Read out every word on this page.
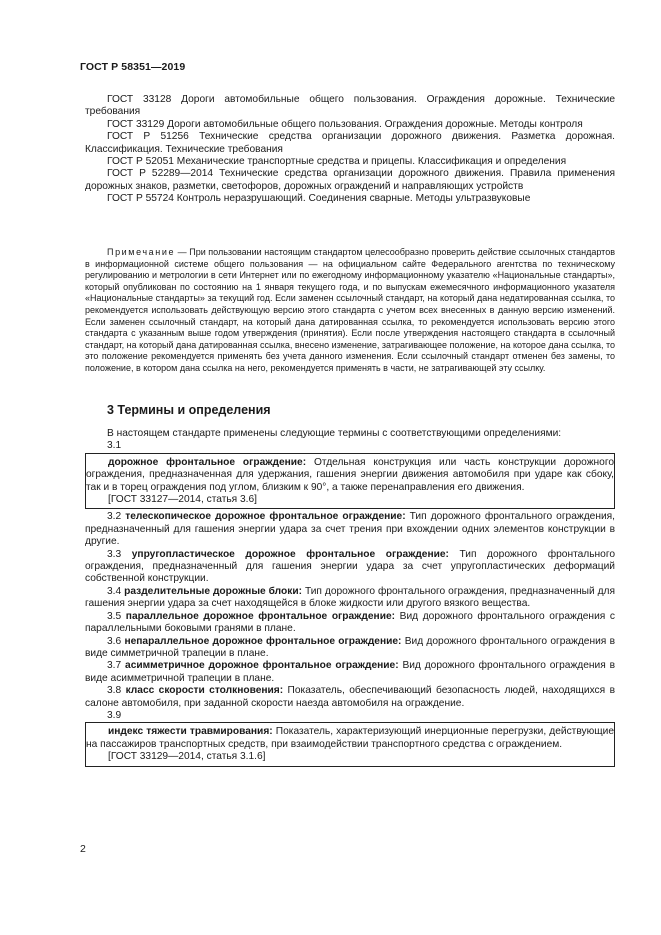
ГОСТ Р 58351—2019

ГОСТ 33128 Дороги автомобильные общего пользования. Ограждения дорожные. Технические требования

ГОСТ 33129 Дороги автомобильные общего пользования. Ограждения дорожные. Методы контроля

ГОСТ Р 51256 Технические средства организации дорожного движения. Разметка дорожная. Классификация. Технические требования

ГОСТ Р 52051 Механические транспортные средства и прицепы. Классификация и определения

ГОСТ Р 52289—2014 Технические средства организации дорожного движения. Правила применения дорожных знаков, разметки, светофоров, дорожных ограждений и направляющих устройств

ГОСТ Р 55724 Контроль неразрушающий. Соединения сварные. Методы ультразвуковые

Примечание — При пользовании настоящим стандартом целесообразно проверить действие ссылочных стандартов в информационной системе общего пользования — на официальном сайте Федерального агентства по техническому регулированию и метрологии в сети Интернет или по ежегодному информационному указателю «Национальные стандарты», который опубликован по состоянию на 1 января текущего года, и по выпускам ежемесячного информационного указателя «Национальные стандарты» за текущий год. Если заменен ссылочный стандарт, на который дана недатированная ссылка, то рекомендуется использовать действующую версию этого стандарта с учетом всех внесенных в данную версию изменений. Если заменен ссылочный стандарт, на который дана датированная ссылка, то рекомендуется использовать версию этого стандарта с указанным выше годом утверждения (принятия). Если после утверждения настоящего стандарта в ссылочный стандарт, на который дана датированная ссылка, внесено изменение, затрагивающее положение, на которое дана ссылка, то это положение рекомендуется применять без учета данного изменения. Если ссылочный стандарт отменен без замены, то положение, в котором дана ссылка на него, рекомендуется применять в части, не затрагивающей эту ссылку.

3 Термины и определения

В настоящем стандарте применены следующие термины с соответствующими определениями:

3.1

дорожное фронтальное ограждение: Отдельная конструкция или часть конструкции дорожного ограждения, предназначенная для удержания, гашения энергии движения автомобиля при ударе как сбоку, так и в торец ограждения под углом, близким к 90°, а также перенаправления его движения.

[ГОСТ 33127—2014, статья 3.6]

3.2 телескопическое дорожное фронтальное ограждение: Тип дорожного фронтального ограждения, предназначенный для гашения энергии удара за счет трения при вхождении одних элементов конструкции в другие.

3.3 упругопластическое дорожное фронтальное ограждение: Тип дорожного фронтального ограждения, предназначенный для гашения энергии удара за счет упругопластических деформаций собственной конструкции.

3.4 разделительные дорожные блоки: Тип дорожного фронтального ограждения, предназначенный для гашения энергии удара за счет находящейся в блоке жидкости или другого вязкого вещества.

3.5 параллельное дорожное фронтальное ограждение: Вид дорожного фронтального ограждения с параллельными боковыми гранями в плане.

3.6 непараллельное дорожное фронтальное ограждение: Вид дорожного фронтального ограждения в виде симметричной трапеции в плане.

3.7 асимметричное дорожное фронтальное ограждение: Вид дорожного фронтального ограждения в виде асимметричной трапеции в плане.

3.8 класс скорости столкновения: Показатель, обеспечивающий безопасность людей, находящихся в салоне автомобиля, при заданной скорости наезда автомобиля на ограждение.

3.9

индекс тяжести травмирования: Показатель, характеризующий инерционные перегрузки, действующие на пассажиров транспортных средств, при взаимодействии транспортного средства с ограждением.

[ГОСТ 33129—2014, статья 3.1.6]

2
